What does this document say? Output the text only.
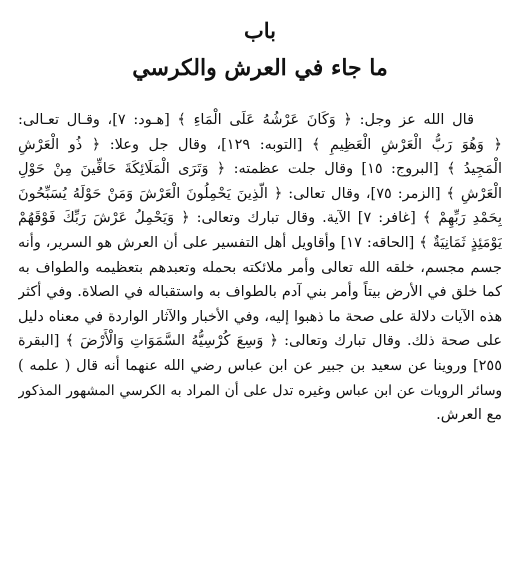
باب
ما جاء في العرش والكرسي
قال الله عز وجل: ﴿ وَكَانَ عَرْشُهُ عَلَى الْمَاءِ ﴾ [هـود: ٧]، وقـال تعـالى:
﴿ وَهُوَ رَبُّ الْعَرْشِ الْعَظِيمِ ﴾ [التوبه: ١٢٩]، وقال جل وعلا: ﴿ ذُو الْعَرْشِ
الْمَجِيدُ ﴾ [البروج: ١٥] وقال جلت عظمته: ﴿ وَتَرَى الْمَلَائِكَةَ حَافِّينَ مِنْ حَوْلِ
الْعَرْشِ ﴾ [الزمر: ٧٥]، وقال تعالى: ﴿ الَّذِينَ يَحْمِلُونَ الْعَرْشَ وَمَنْ حَوْلَهُ يُسَبِّحُونَ
بِحَمْدِ رَبِّهِمْ ﴾ [غافر: ٧] الآية. وقال تبارك وتعالى: ﴿ وَيَحْمِلُ عَرْشَ رَبِّكَ فَوْقَهُمْ
يَوْمَئِذٍ ثَمَانِيَةٌ ﴾ [الحاقه: ١٧] وأقاويل أهل التفسير على أن العرش هو السرير، وأنه
جسم مجسم، خلقه الله تعالى وأمر ملائكته بحمله وتعبدهم بتعظيمه والطواف به
كما خلق في الأرض بيتاً وأمر بني آدم بالطواف به واستقباله في الصلاة. وفي أكثر
هذه الآيات دلالة على صحة ما ذهبوا إليه، وفي الأخبار والآثار الواردة في معناه دليل
على صحة ذلك. وقال تبارك وتعالى: ﴿ وَسِعَ كُرْسِيُّهُ السَّمَوَاتِ وَالْأَرْضَ ﴾ [البقرة
٢٥٥] وروينا عن سعيد بن جبير عن ابن عباس رضي الله عنهما أنه قال ( علمه )
وسائر الرويات عن ابن عباس وغيره تدل على أن المراد به الكرسي المشهور المذكور
مع العرش.
